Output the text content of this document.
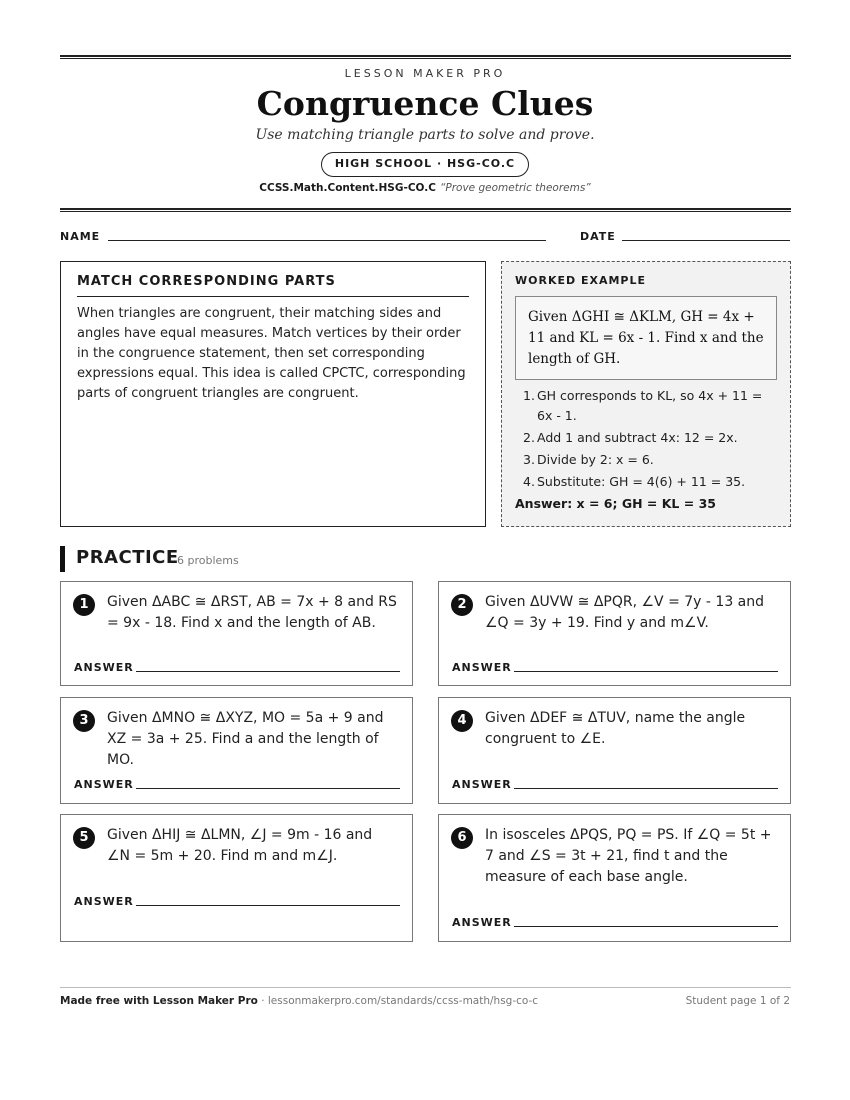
LESSON MAKER PRO
Congruence Clues
Use matching triangle parts to solve and prove.
HIGH SCHOOL · HSG-CO.C
CCSS.Math.Content.HSG-CO.C “Prove geometric theorems”
NAME	DATE
MATCH CORRESPONDING PARTS
When triangles are congruent, their matching sides and angles have equal measures. Match vertices by their order in the congruence statement, then set corresponding expressions equal. This idea is called CPCTC, corresponding parts of congruent triangles are congruent.
WORKED EXAMPLE
Given ΔGHI ≅ ΔKLM, GH = 4x + 11 and KL = 6x - 1. Find x and the length of GH.
1. GH corresponds to KL, so 4x + 11 = 6x - 1.
2. Add 1 and subtract 4x: 12 = 2x.
3. Divide by 2: x = 6.
4. Substitute: GH = 4(6) + 11 = 35.
Answer: x = 6; GH = KL = 35
PRACTICE
6 problems
1	Given ΔABC ≅ ΔRST, AB = 7x + 8 and RS = 9x - 18. Find x and the length of AB.
ANSWER
2	Given ΔUVW ≅ ΔPQR, ∠V = 7y - 13 and ∠Q = 3y + 19. Find y and m∠V.
ANSWER
3	Given ΔMNO ≅ ΔXYZ, MO = 5a + 9 and XZ = 3a + 25. Find a and the length of MO.
ANSWER
4	Given ΔDEF ≅ ΔTUV, name the angle congruent to ∠E.
ANSWER
5	Given ΔHIJ ≅ ΔLMN, ∠J = 9m - 16 and ∠N = 5m + 20. Find m and m∠J.
ANSWER
6	In isosceles ΔPQS, PQ = PS. If ∠Q = 5t + 7 and ∠S = 3t + 21, find t and the measure of each base angle.
ANSWER
Made free with Lesson Maker Pro · lessonmakerpro.com/standards/ccss-math/hsg-co-c	Student page 1 of 2
